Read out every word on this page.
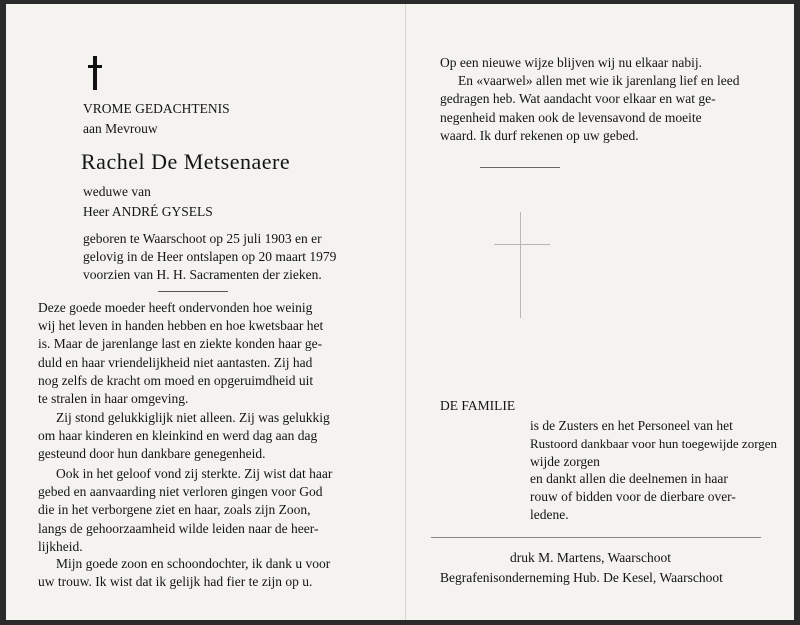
VROME GEDACHTENIS
aan Mevrouw
Rachel De Metsenaere
weduwe van
Heer ANDRÉ GYSELS
geboren te Waarschoot op 25 juli 1903 en er
gelovig in de Heer ontslapen op 20 maart 1979
voorzien van H. H. Sacramenten der zieken.
Deze goede moeder heeft ondervonden hoe weinig
wij het leven in handen hebben en hoe kwetsbaar het
is. Maar de jarenlange last en ziekte konden haar ge-
duld en haar vriendelijkheid niet aantasten. Zij had
nog zelfs de kracht om moed en opgeruimdheid uit
te stralen in haar omgeving.
Zij stond gelukkiglijk niet alleen. Zij was gelukkig
om haar kinderen en kleinkind en werd dag aan dag
gesteund door hun dankbare genegenheid.
Ook in het geloof vond zij sterkte. Zij wist dat haar
gebed en aanvaarding niet verloren gingen voor God
die in het verborgene ziet en haar, zoals zijn Zoon,
langs de gehoorzaamheid wilde leiden naar de heer-
lijkheid.
Mijn goede zoon en schoondochter, ik dank u voor
uw trouw. Ik wist dat ik gelijk had fier te zijn op u.
Op een nieuwe wijze blijven wij nu elkaar nabij.
En «vaarwel» allen met wie ik jarenlang lief en leed
gedragen heb. Wat aandacht voor elkaar en wat ge-
negenheid maken ook de levensavond de moeite
waard. Ik durf rekenen op uw gebed.
DE FAMILIE
is de Zusters en het Personeel van het
Rustoord dankbaar voor hun toegewijde zorgen
wijde zorgen
en dankt allen die deelnemen in haar
rouw of bidden voor de dierbare over-
ledene.
druk M. Martens, Waarschoot
Begrafenisonderneming Hub. De Kesel, Waarschoot
